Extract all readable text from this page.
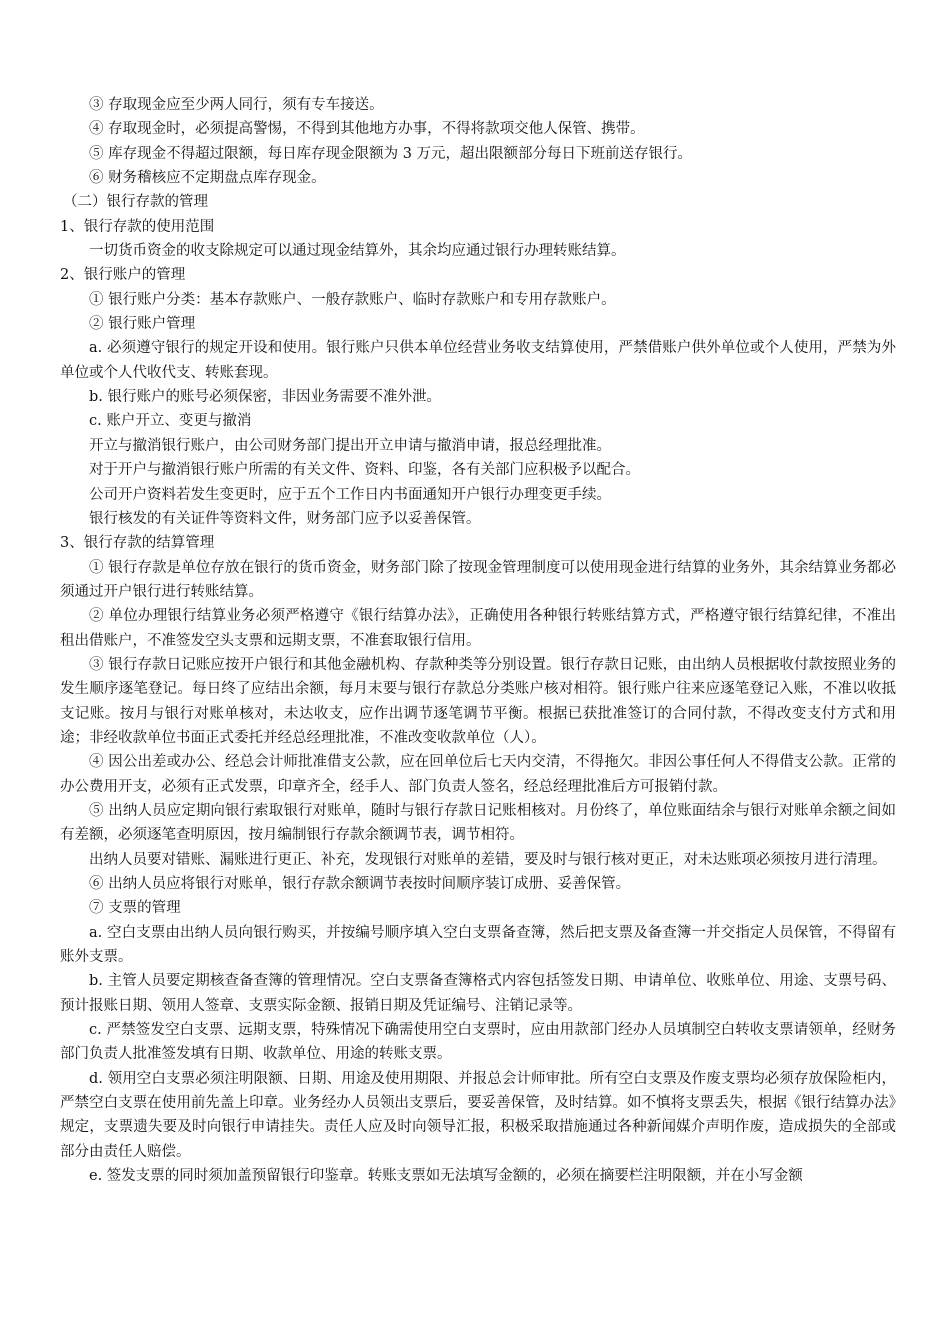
③ 存取现金应至少两人同行，须有专车接送。

④ 存取现金时，必须提高警惕，不得到其他地方办事，不得将款项交他人保管、携带。

⑤ 库存现金不得超过限额，每日库存现金限额为 3 万元，超出限额部分每日下班前送存银行。

⑥ 财务稽核应不定期盘点库存现金。

（二）银行存款的管理

1、银行存款的使用范围

一切货币资金的收支除规定可以通过现金结算外，其余均应通过银行办理转账结算。

2、银行账户的管理

① 银行账户分类：基本存款账户、一般存款账户、临时存款账户和专用存款账户。

② 银行账户管理

a. 必须遵守银行的规定开设和使用。银行账户只供本单位经营业务收支结算使用，严禁借账户供外单位或个人使用，严禁为外单位或个人代收代支、转账套现。

b. 银行账户的账号必须保密，非因业务需要不准外泄。

c. 账户开立、变更与撤消

开立与撤消银行账户，由公司财务部门提出开立申请与撤消申请，报总经理批准。

对于开户与撤消银行账户所需的有关文件、资料、印鉴，各有关部门应积极予以配合。

公司开户资料若发生变更时，应于五个工作日内书面通知开户银行办理变更手续。

银行核发的有关证件等资料文件，财务部门应予以妥善保管。

3、银行存款的结算管理

① 银行存款是单位存放在银行的货币资金，财务部门除了按现金管理制度可以使用现金进行结算的业务外，其余结算业务都必须通过开户银行进行转账结算。

② 单位办理银行结算业务必须严格遵守《银行结算办法》，正确使用各种银行转账结算方式，严格遵守银行结算纪律，不准出租出借账户，不准签发空头支票和远期支票，不准套取银行信用。

③ 银行存款日记账应按开户银行和其他金融机构、存款种类等分别设置。银行存款日记账，由出纳人员根据收付款按照业务的发生顺序逐笔登记。每日终了应结出余额，每月末要与银行存款总分类账户核对相符。银行账户往来应逐笔登记入账，不准以收抵支记账。按月与银行对账单核对，未达收支，应作出调节逐笔调节平衡。根据已获批准签订的合同付款，不得改变支付方式和用途；非经收款单位书面正式委托并经总经理批准，不准改变收款单位（人）。

④ 因公出差或办公、经总会计师批准借支公款，应在回单位后七天内交清，不得拖欠。非因公事任何人不得借支公款。正常的办公费用开支，必须有正式发票，印章齐全，经手人、部门负责人签名，经总经理批准后方可报销付款。

⑤ 出纳人员应定期向银行索取银行对账单，随时与银行存款日记账相核对。月份终了，单位账面结余与银行对账单余额之间如有差额，必须逐笔查明原因，按月编制银行存款余额调节表，调节相符。

出纳人员要对错账、漏账进行更正、补充，发现银行对账单的差错，要及时与银行核对更正，对未达账项必须按月进行清理。

⑥ 出纳人员应将银行对账单，银行存款余额调节表按时间顺序装订成册、妥善保管。

⑦ 支票的管理

a. 空白支票由出纳人员向银行购买，并按编号顺序填入空白支票备查簿，然后把支票及备查簿一并交指定人员保管，不得留有账外支票。

b. 主管人员要定期核查备查簿的管理情况。空白支票备查簿格式内容包括签发日期、申请单位、收账单位、用途、支票号码、预计报账日期、领用人签章、支票实际金额、报销日期及凭证编号、注销记录等。

c. 严禁签发空白支票、远期支票，特殊情况下确需使用空白支票时，应由用款部门经办人员填制空白转收支票请领单，经财务部门负责人批准签发填有日期、收款单位、用途的转账支票。

d. 领用空白支票必须注明限额、日期、用途及使用期限、并报总会计师审批。所有空白支票及作废支票均必须存放保险柜内，严禁空白支票在使用前先盖上印章。业务经办人员领出支票后，要妥善保管，及时结算。如不慎将支票丢失，根据《银行结算办法》规定，支票遗失要及时向银行申请挂失。责任人应及时向领导汇报，积极采取措施通过各种新闻媒介声明作废，造成损失的全部或部分由责任人赔偿。

e. 签发支票的同时须加盖预留银行印鉴章。转账支票如无法填写金额的，必须在摘要栏注明限额，并在小写金额
